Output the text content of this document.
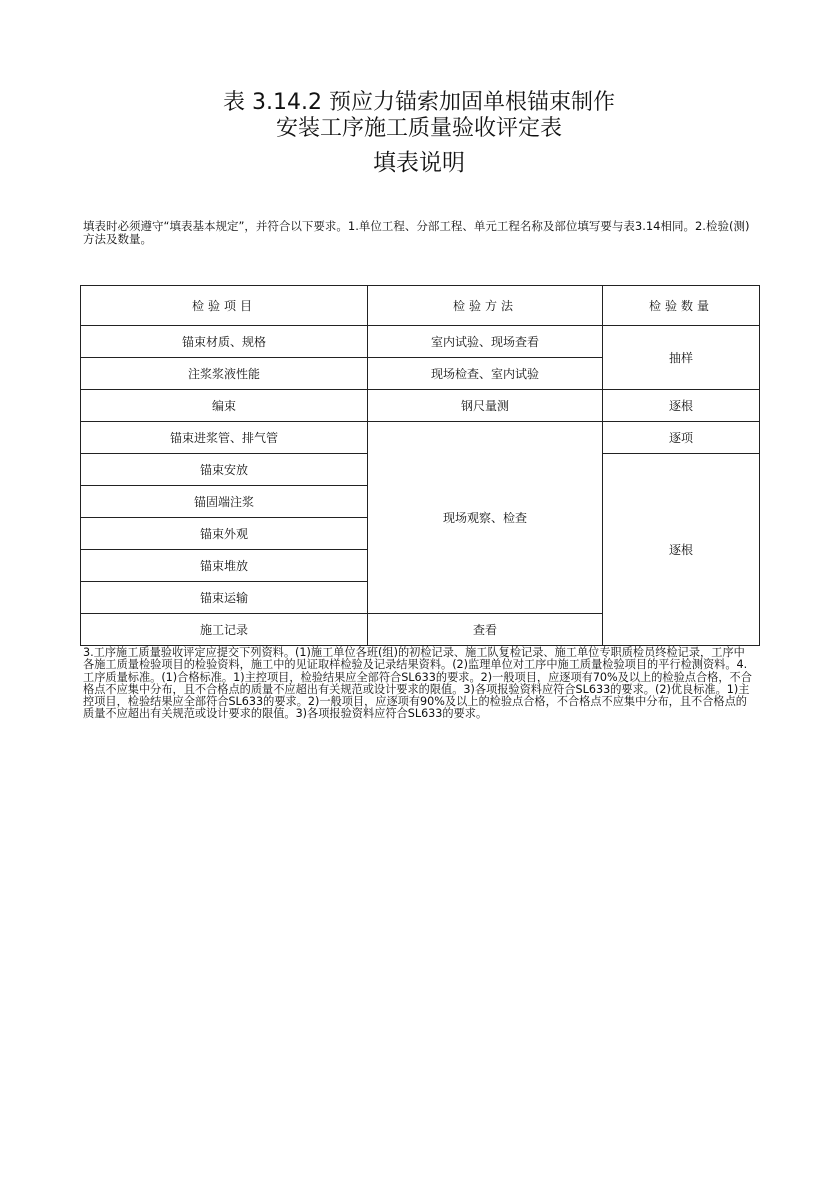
表 3.14.2 预应力锚索加固单根锚束制作
安装工序施工质量验收评定表
填表说明
填表时必须遵守“填表基本规定”，并符合以下要求。1.单位工程、分部工程、单元工程名称及部位填写要与表3.14相同。2.检验(测)方法及数量。
检验项目	检验方法	检验数量
锚束材质、规格	室内试验、现场查看	抽样
注浆浆液性能	现场检查、室内试验	
编束	钢尺量测	逐根
锚束进浆管、排气管	现场观察、检查	逐项
锚束安放		逐根
锚固端注浆		
锚束外观		
锚束堆放		
锚束运输		
施工记录	查看	
3.工序施工质量验收评定应提交下列资料。(1)施工单位各班(组)的初检记录、施工队复检记录、施工单位专职质检员终检记录，工序中各施工质量检验项目的检验资料，施工中的见证取样检验及记录结果资料。(2)监理单位对工序中施工质量检验项目的平行检测资料。4.工序质量标准。(1)合格标准。1)主控项目，检验结果应全部符合SL633的要求。2)一般项目，应逐项有70%及以上的检验点合格，不合格点不应集中分布，且不合格点的质量不应超出有关规范或设计要求的限值。3)各项报验资料应符合SL633的要求。(2)优良标准。1)主控项目，检验结果应全部符合SL633的要求。2)一般项目，应逐项有90%及以上的检验点合格，不合格点不应集中分布，且不合格点的质量不应超出有关规范或设计要求的限值。3)各项报验资料应符合SL633的要求。
